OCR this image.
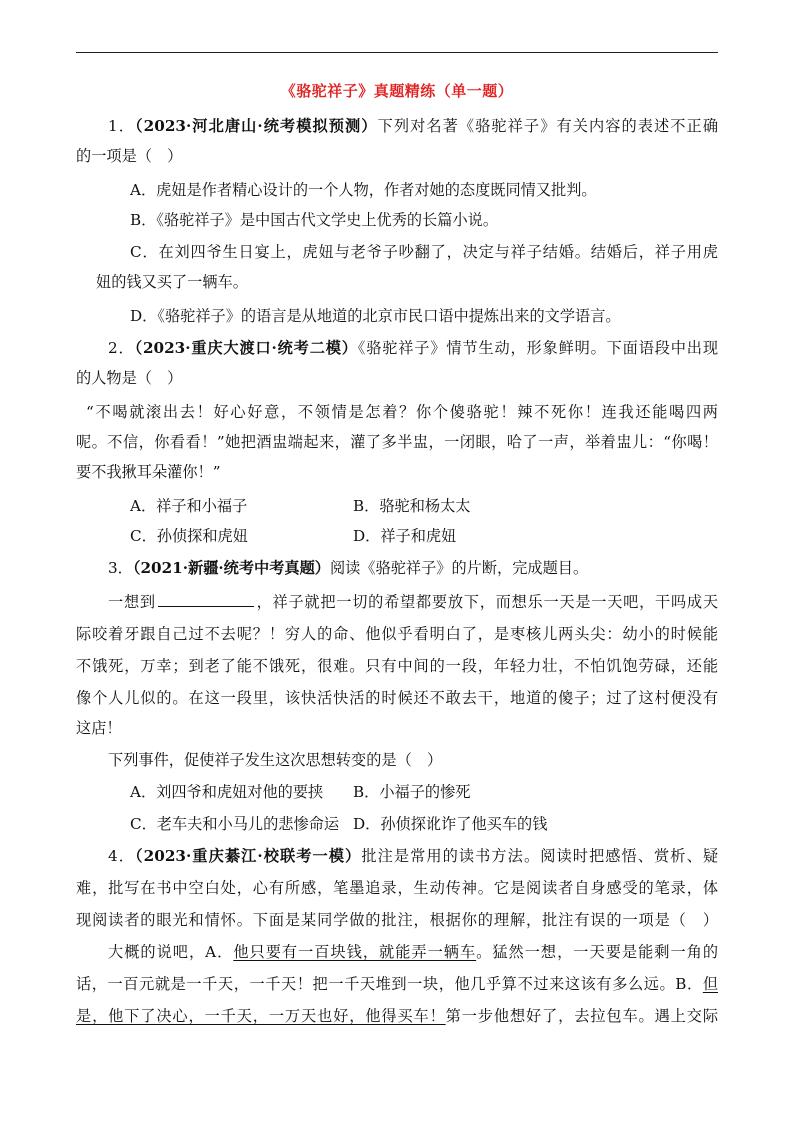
《骆驼祥子》真题精练（单一题）
1．（2023·河北唐山·统考模拟预测）下列对名著《骆驼祥子》有关内容的表述不正确
的一项是（　）
A．虎妞是作者精心设计的一个人物，作者对她的态度既同情又批判。
B．《骆驼祥子》是中国古代文学史上优秀的长篇小说。
C．在刘四爷生日宴上，虎妞与老爷子吵翻了，决定与祥子结婚。结婚后，祥子用虎
妞的钱又买了一辆车。
D．《骆驼祥子》的语言是从地道的北京市民口语中提炼出来的文学语言。
2．（2023·重庆大渡口·统考二模）《骆驼祥子》情节生动，形象鲜明。下面语段中出现
的人物是（　）
“不喝就滚出去！好心好意，不领情是怎着？你个傻骆驼！辣不死你！连我还能喝四两
呢。不信，你看看！”她把酒盅端起来，灌了多半盅，一闭眼，哈了一声，举着盅儿：“你喝！
要不我揪耳朵灌你！”
A．祥子和小福子	B．骆驼和杨太太
C．孙侦探和虎妞	D．祥子和虎妞
3．（2021·新疆·统考中考真题）阅读《骆驼祥子》的片断，完成题目。
一想到	，祥子就把一切的希望都要放下，而想乐一天是一天吧，干吗成天
际咬着牙跟自己过不去呢？！穷人的命、他似乎看明白了，是枣核儿两头尖：幼小的时候能
不饿死，万幸；到老了能不饿死，很难。只有中间的一段，年轻力壮，不怕饥饱劳碌，还能
像个人儿似的。在这一段里，该快活快活的时候还不敢去干，地道的傻子；过了这村便没有
这店！
下列事件，促使祥子发生这次思想转变的是（　）
A．刘四爷和虎妞对他的要挟 B．小福子的惨死
C．老车夫和小马儿的悲惨命运 D．孙侦探讹诈了他买车的钱
4．（2023·重庆綦江·校联考一模）批注是常用的读书方法。阅读时把感悟、赏析、疑
难，批写在书中空白处，心有所感，笔墨追录，生动传神。它是阅读者自身感受的笔录，体
现阅读者的眼光和情怀。下面是某同学做的批注，根据你的理解，批注有误的一项是（　）
大概的说吧，A．他只要有一百块钱，就能弄一辆车。猛然一想，一天要是能剩一角的
话，一百元就是一千天，一千天！把一千天堆到一块，他几乎算不过来这该有多么远。B．但
是，他下了决心，一千天，一万天也好，他得买车！第一步他想好了，去拉包车。遇上交际
